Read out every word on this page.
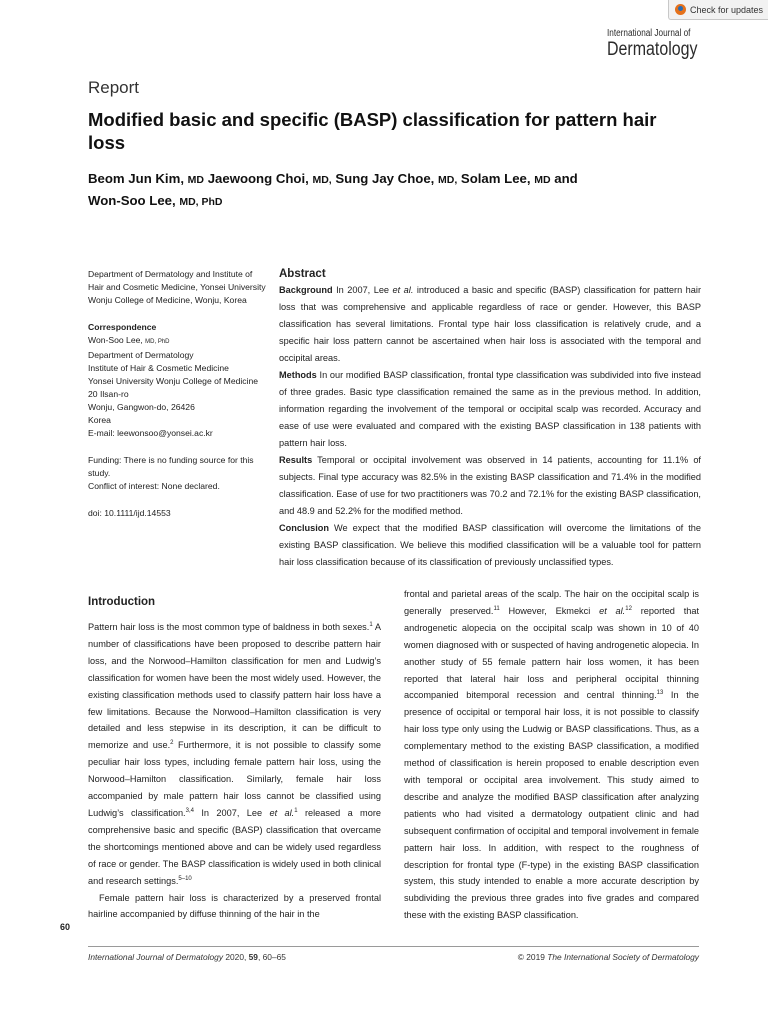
Check for updates
International Journal of
Dermatology
Report
Modified basic and specific (BASP) classification for pattern hair loss
Beom Jun Kim, MD Jaewoong Choi, MD, Sung Jay Choe, MD, Solam Lee, MD and
Won-Soo Lee, MD, PhD

Department of Dermatology and Institute of Hair and Cosmetic Medicine, Yonsei University Wonju College of Medicine, Wonju, Korea

Correspondence

Won-Soo Lee, MD, PhD

Department of Dermatology

Institute of Hair & Cosmetic Medicine

Yonsei University Wonju College of Medicine

20 Ilsan-ro

Wonju, Gangwon-do, 26426

Korea

E-mail: leewonsoo@yonsei.ac.kr

Funding: There is no funding source for this study.

Conflict of interest: None declared.

doi: 10.1111/ijd.14553

Abstract

Background In 2007, Lee et al. introduced a basic and specific (BASP) classification for pattern hair loss that was comprehensive and applicable regardless of race or gender. However, this BASP classification has several limitations. Frontal type hair loss classification is relatively crude, and a specific hair loss pattern cannot be ascertained when hair loss is associated with the temporal and occipital areas.

Methods In our modified BASP classification, frontal type classification was subdivided into five instead of three grades. Basic type classification remained the same as in the previous method. In addition, information regarding the involvement of the temporal or occipital scalp was recorded. Accuracy and ease of use were evaluated and compared with the existing BASP classification in 138 patients with pattern hair loss.

Results Temporal or occipital involvement was observed in 14 patients, accounting for 11.1% of subjects. Final type accuracy was 82.5% in the existing BASP classification and 71.4% in the modified classification. Ease of use for two practitioners was 70.2 and 72.1% for the existing BASP classification, and 48.9 and 52.2% for the modified method.

Conclusion We expect that the modified BASP classification will overcome the limitations of the existing BASP classification. We believe this modified classification will be a valuable tool for pattern hair loss classification because of its classification of previously unclassified types.

Introduction

Pattern hair loss is the most common type of baldness in both sexes.$^1$ A number of classifications have been proposed to describe pattern hair loss, and the Norwood–Hamilton classification for men and Ludwig’s classification for women have been the most widely used. However, the existing classification methods used to classify pattern hair loss have a few limitations. Because the Norwood–Hamilton classification is very detailed and less stepwise in its description, it can be difficult to memorize and use.$^2$ Furthermore, it is not possible to classify some peculiar hair loss types, including female pattern hair loss, using the Norwood–Hamilton classification. Similarly, female hair loss accompanied by male pattern hair loss cannot be classified using Ludwig’s classification.$^{3,4}$ In 2007, Lee et al.$^1$ released a more comprehensive basic and specific (BASP) classification that overcame the shortcomings mentioned above and can be widely used regardless of race or gender. The BASP classification is widely used in both clinical and research settings.$^{5-10}$

Female pattern hair loss is characterized by a preserved frontal hairline accompanied by diffuse thinning of the hair in the

frontal and parietal areas of the scalp. The hair on the occipital scalp is generally preserved.$^{11}$ However, Ekmekci et al.$^{12}$ reported that androgenetic alopecia on the occipital scalp was shown in 10 of 40 women diagnosed with or suspected of having androgenetic alopecia. In another study of 55 female pattern hair loss women, it has been reported that lateral hair loss and peripheral occipital thinning accompanied bitemporal recession and central thinning.$^{13}$ In the presence of occipital or temporal hair loss, it is not possible to classify hair loss type only using the Ludwig or BASP classifications. Thus, as a complementary method to the existing BASP classification, a modified method of classification is herein proposed to enable description even with temporal or occipital area involvement. This study aimed to describe and analyze the modified BASP classification after analyzing patients who had visited a dermatology outpatient clinic and had subsequent confirmation of occipital and temporal involvement in female pattern hair loss. In addition, with respect to the roughness of description for frontal type (F-type) in the existing BASP classification system, this study intended to enable a more accurate description by subdividing the previous three grades into five grades and compared these with the existing BASP classification.

60
International Journal of Dermatology 2020, 59, 60–65	© 2019 The International Society of Dermatology
